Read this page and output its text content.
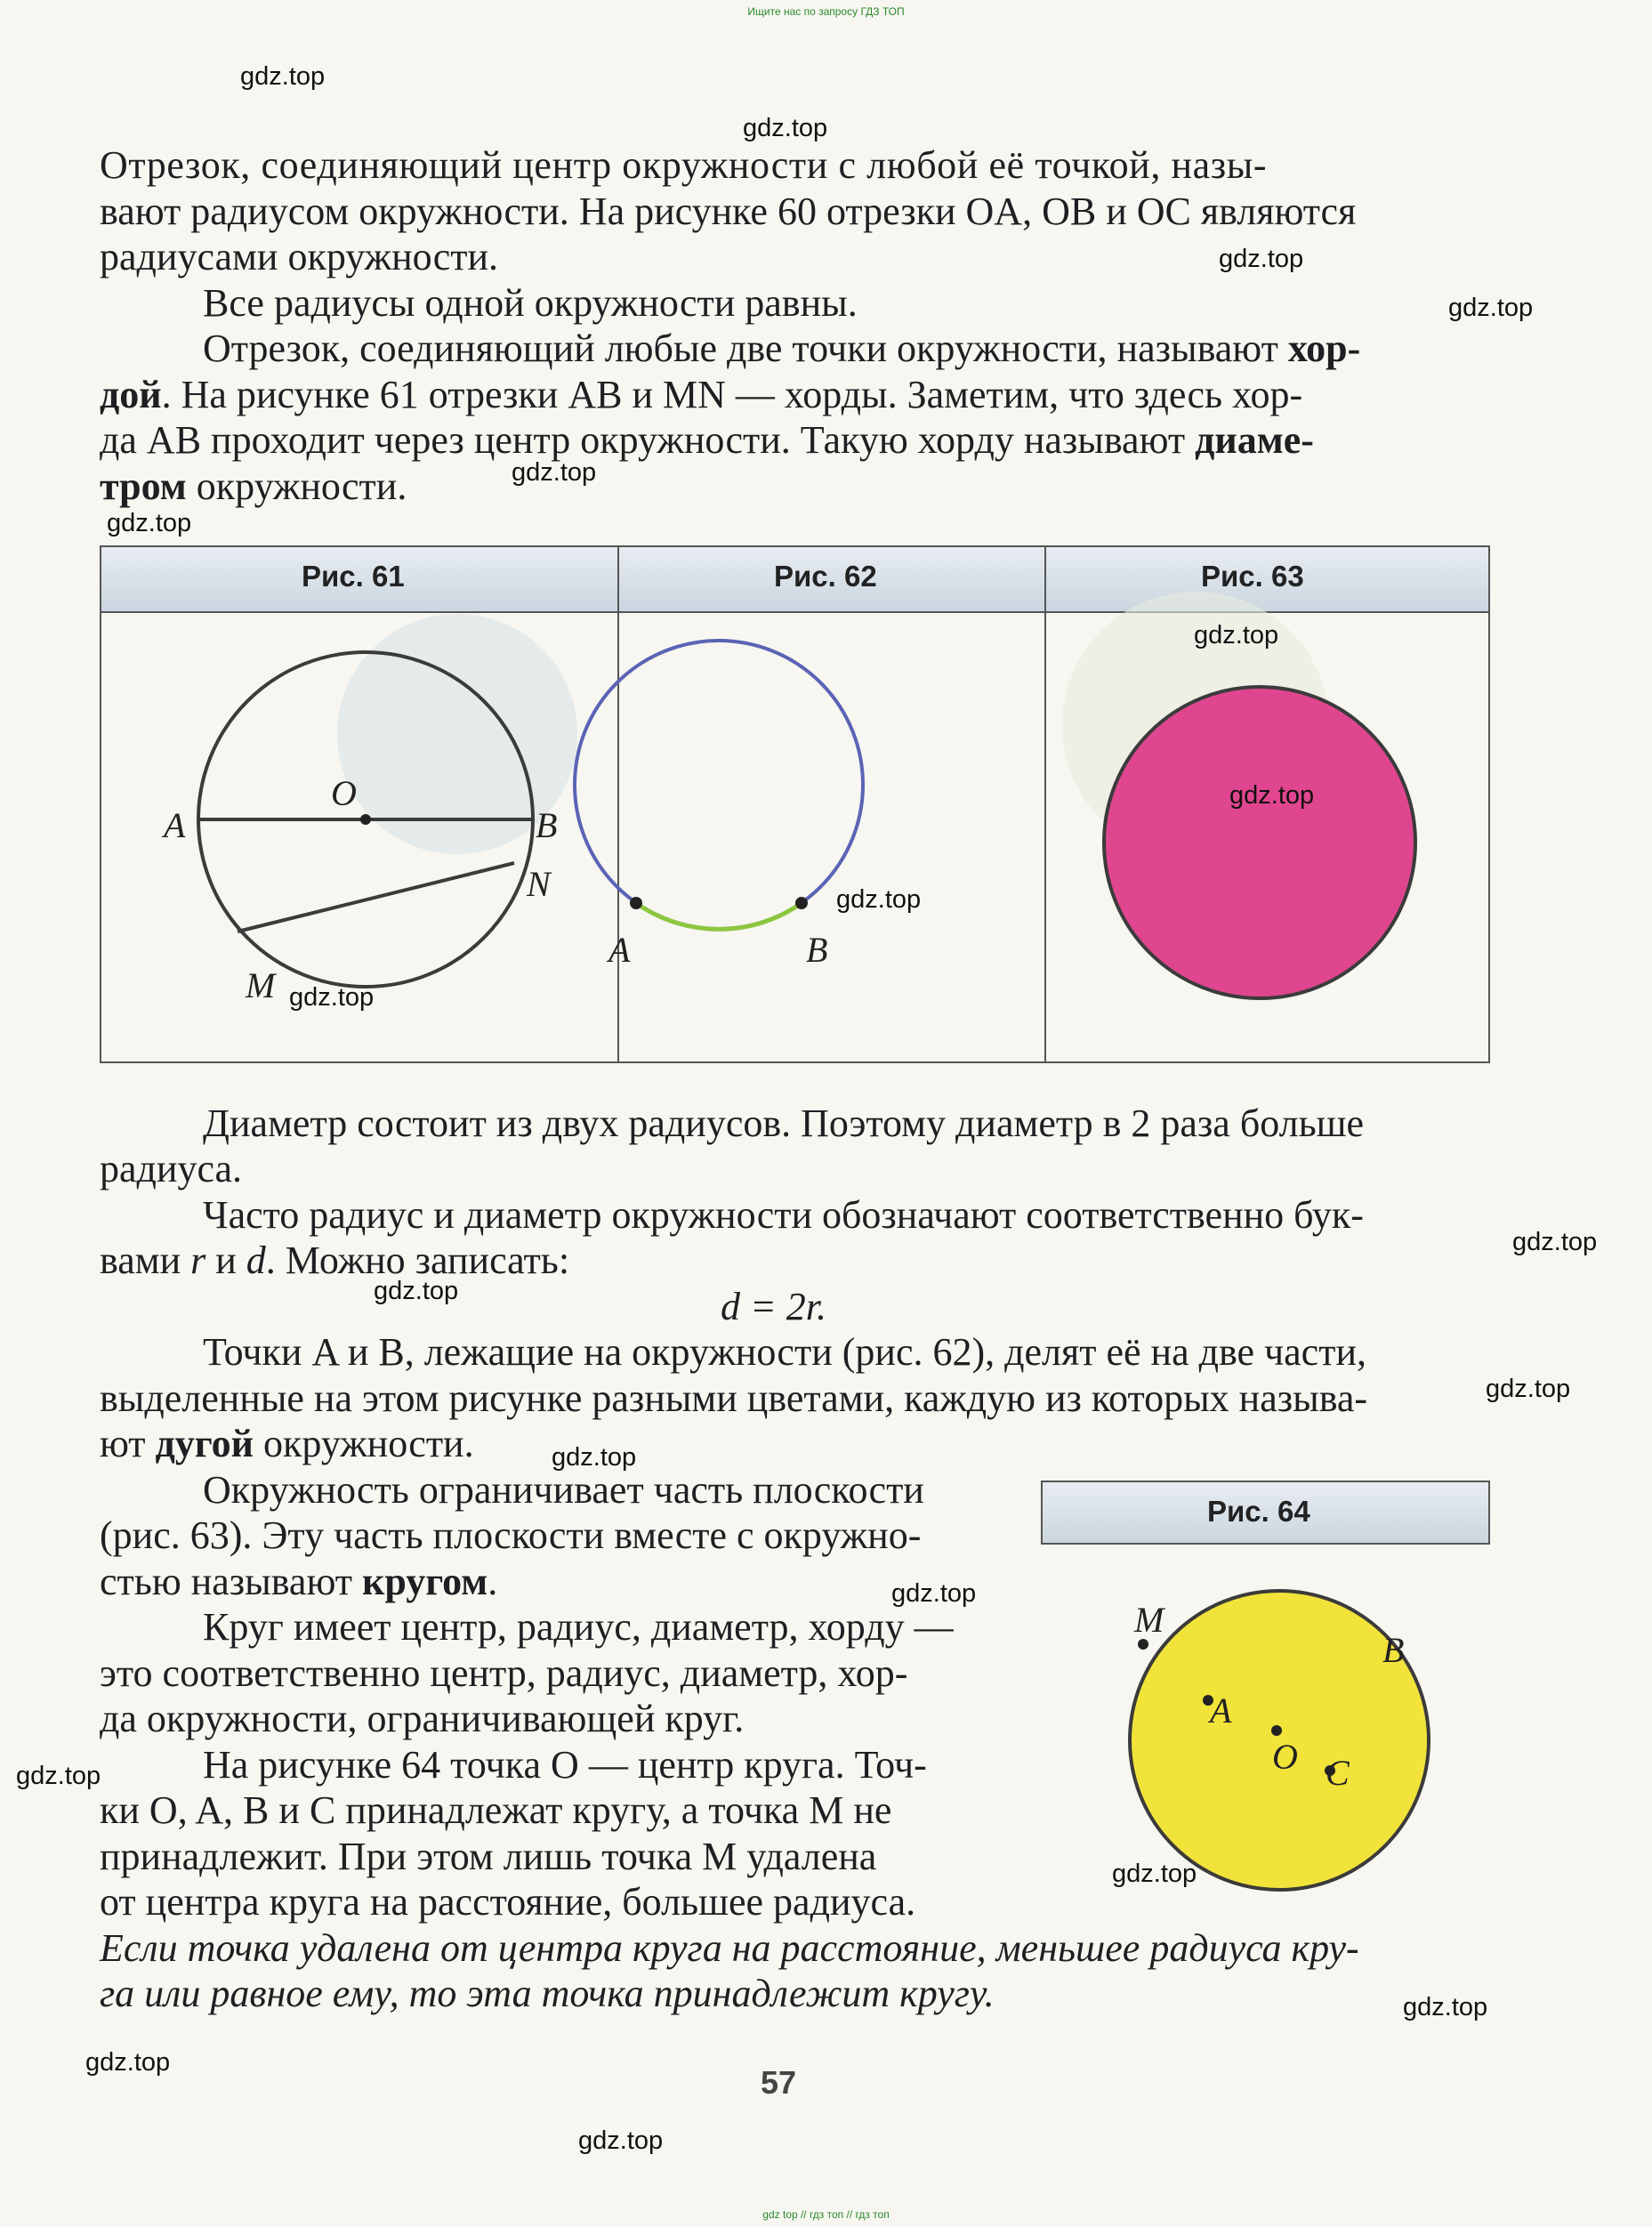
Ищите нас по запросу ГДЗ ТОП
gdz top // гдз топ // гдз топ
Отрезок, соединяющий центр окружности с любой её точкой, назы-
вают радиусом окружности. На рисунке 60 отрезки OA, OB и OC являются
радиусами окружности.
Все радиусы одной окружности равны.
Отрезок, соединяющий любые две точки окружности, называют хор-
дой. На рисунке 61 отрезки AB и MN — хорды. Заметим, что здесь хор-
да AB проходит через центр окружности. Такую хорду называют диаме-
тром окружности.
Рис. 61	Рис. 62	Рис. 63
A
O
B
N
M
A	B
Диаметр состоит из двух радиусов. Поэтому диаметр в 2 раза больше
радиуса.
Часто радиус и диаметр окружности обозначают соответственно бук-
вами r и d. Можно записать:
d = 2r.
Точки A и B, лежащие на окружности (рис. 62), делят её на две части,
выделенные на этом рисунке разными цветами, каждую из которых называ-
ют дугой окружности.
Окружность ограничивает часть плоскости
(рис. 63). Эту часть плоскости вместе с окружно-
стью называют кругом.
Круг имеет центр, радиус, диаметр, хорду —
это соответственно центр, радиус, диаметр, хор-
да окружности, ограничивающей круг.
На рисунке 64 точка O — центр круга. Точ-
ки O, A, B и C принадлежат кругу, а точка M не
принадлежит. При этом лишь точка M удалена
от центра круга на расстояние, большее радиуса.
Если точка удалена от центра круга на расстояние, меньшее радиуса кру-
га или равное ему, то эта точка принадлежит кругу.
Рис. 64
M
B
A
O C
57
gdz.top
gdz.top
gdz.top
gdz.top
gdz.top
gdz.top
gdz.top
gdz.top
gdz.top
gdz.top
gdz.top
gdz.top
gdz.top
gdz.top
gdz.top
gdz.top
gdz.top
gdz.top
gdz.top
gdz.top
